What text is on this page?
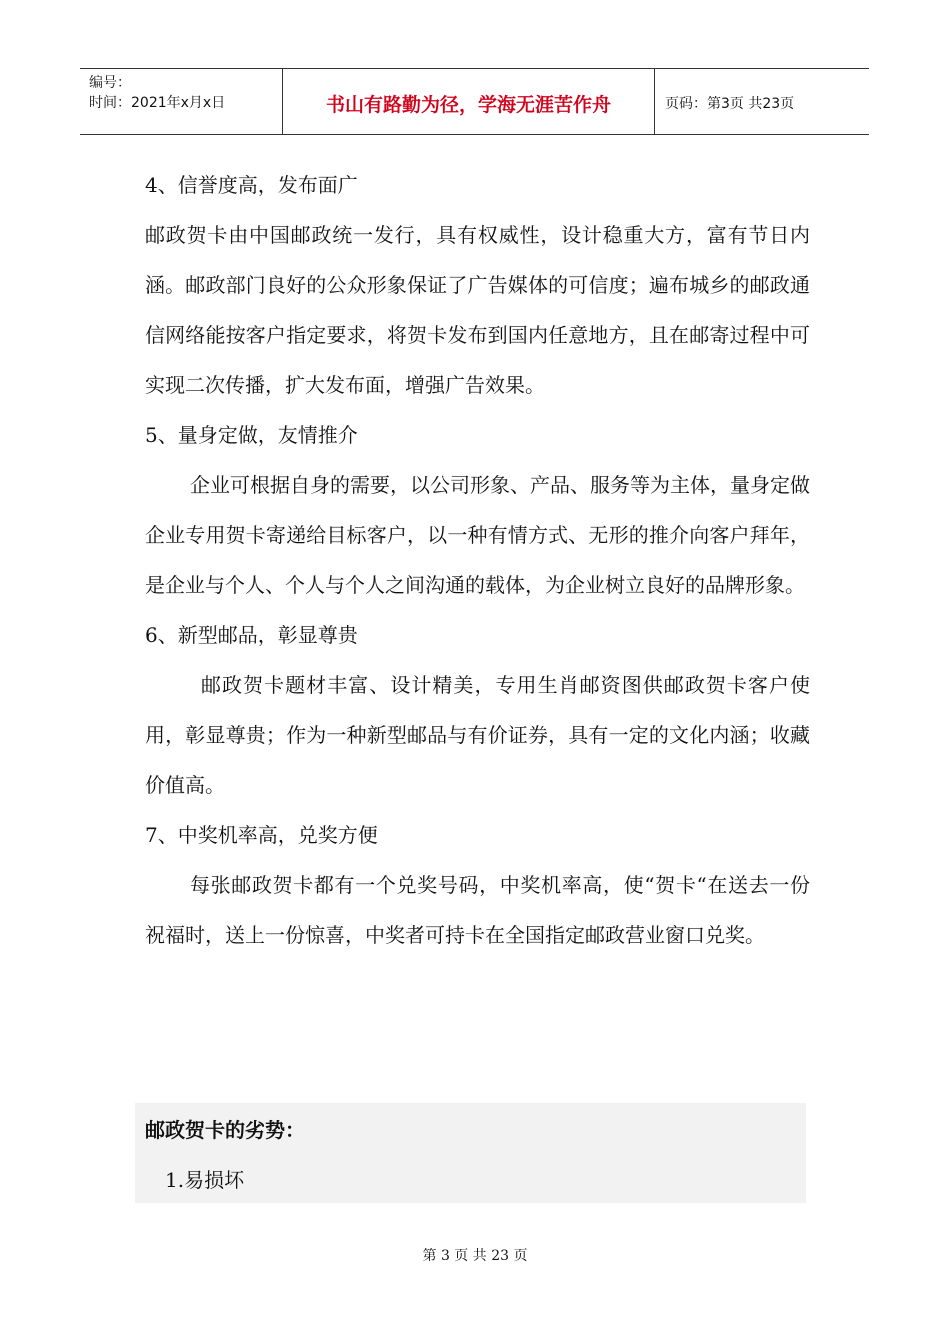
编号：
时间：2021年x月x日	书山有路勤为径，学海无涯苦作舟	页码：第3页 共23页

4、信誉度高，发布面广

邮政贺卡由中国邮政统一发行，具有权威性，设计稳重大方，富有节日内涵。邮政部门良好的公众形象保证了广告媒体的可信度；遍布城乡的邮政通信网络能按客户指定要求，将贺卡发布到国内任意地方，且在邮寄过程中可实现二次传播，扩大发布面，增强广告效果。

5、量身定做，友情推介

企业可根据自身的需要，以公司形象、产品、服务等为主体，量身定做企业专用贺卡寄递给目标客户，以一种有情方式、无形的推介向客户拜年，是企业与个人、个人与个人之间沟通的载体，为企业树立良好的品牌形象。

6、新型邮品，彰显尊贵

邮政贺卡题材丰富、设计精美，专用生肖邮资图供邮政贺卡客户使用，彰显尊贵；作为一种新型邮品与有价证券，具有一定的文化内涵；收藏价值高。

7、中奖机率高，兑奖方便

每张邮政贺卡都有一个兑奖号码，中奖机率高，使“贺卡“在送去一份祝福时，送上一份惊喜，中奖者可持卡在全国指定邮政营业窗口兑奖。

邮政贺卡的劣势：
1.易损坏
第 3 页 共 23 页
